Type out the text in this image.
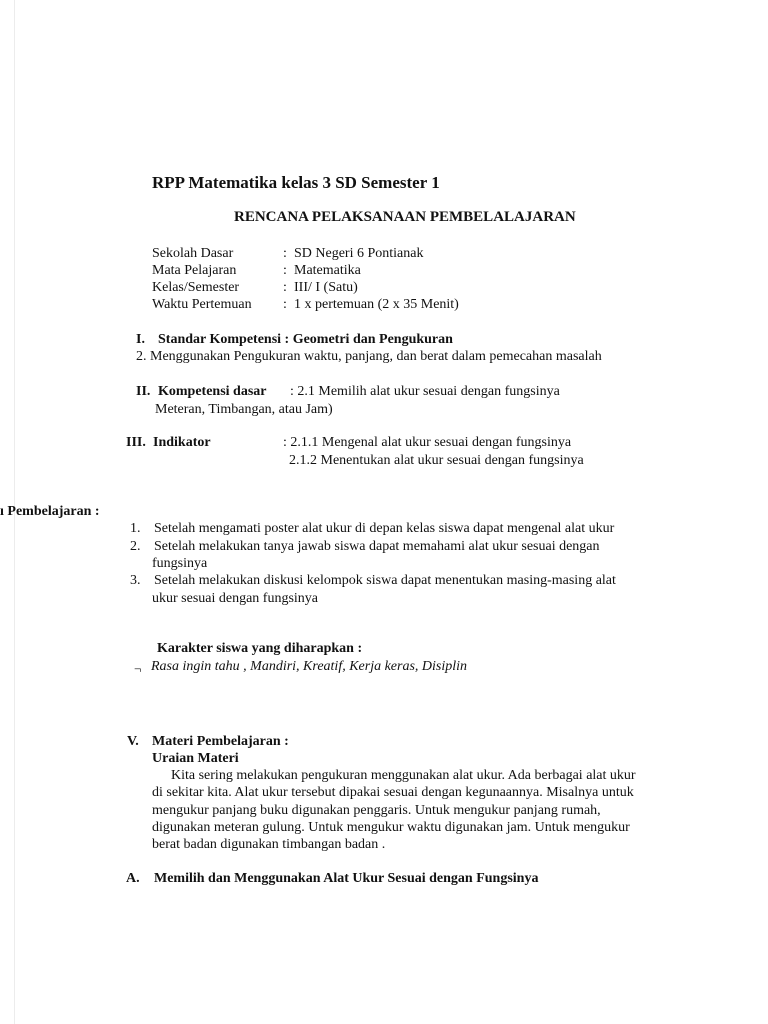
RPP Matematika kelas 3 SD Semester 1
RENCANA PELAKSANAAN PEMBELALAJARAN
Sekolah Dasar	: SD Negeri 6 Pontianak
Mata Pelajaran	: Matematika
Kelas/Semester	: III/ I (Satu)
Waktu Pertemuan : 1 x pertemuan (2 x 35 Menit)
I. Standar Kompetensi : Geometri dan Pengukuran
2. Menggunakan Pengukuran waktu, panjang, dan berat dalam pemecahan masalah
II. Kompetensi dasar : 2.1 Memilih alat ukur sesuai dengan fungsinya
Meteran, Timbangan, atau Jam)
III. Indikator	: 2.1.1 Mengenal alat ukur sesuai dengan fungsinya
2.1.2 Menentukan alat ukur sesuai dengan fungsinya
ı Pembelajaran :
1. Setelah mengamati poster alat ukur di depan kelas siswa dapat mengenal alat ukur
2. Setelah melakukan tanya jawab siswa dapat memahami alat ukur sesuai dengan
fungsinya
3. Setelah melakukan diskusi kelompok siswa dapat menentukan masing-masing alat
ukur sesuai dengan fungsinya
Karakter siswa yang diharapkan :
¬ Rasa ingin tahu , Mandiri, Kreatif, Kerja keras, Disiplin
V. Materi Pembelajaran :
Uraian Materi
Kita sering melakukan pengukuran menggunakan alat ukur. Ada berbagai alat ukur
di sekitar kita. Alat ukur tersebut dipakai sesuai dengan kegunaannya. Misalnya untuk
mengukur panjang buku digunakan penggaris. Untuk mengukur panjang rumah,
digunakan meteran gulung. Untuk mengukur waktu digunakan jam. Untuk mengukur
berat badan digunakan timbangan badan .
A. Memilih dan Menggunakan Alat Ukur Sesuai dengan Fungsinya
